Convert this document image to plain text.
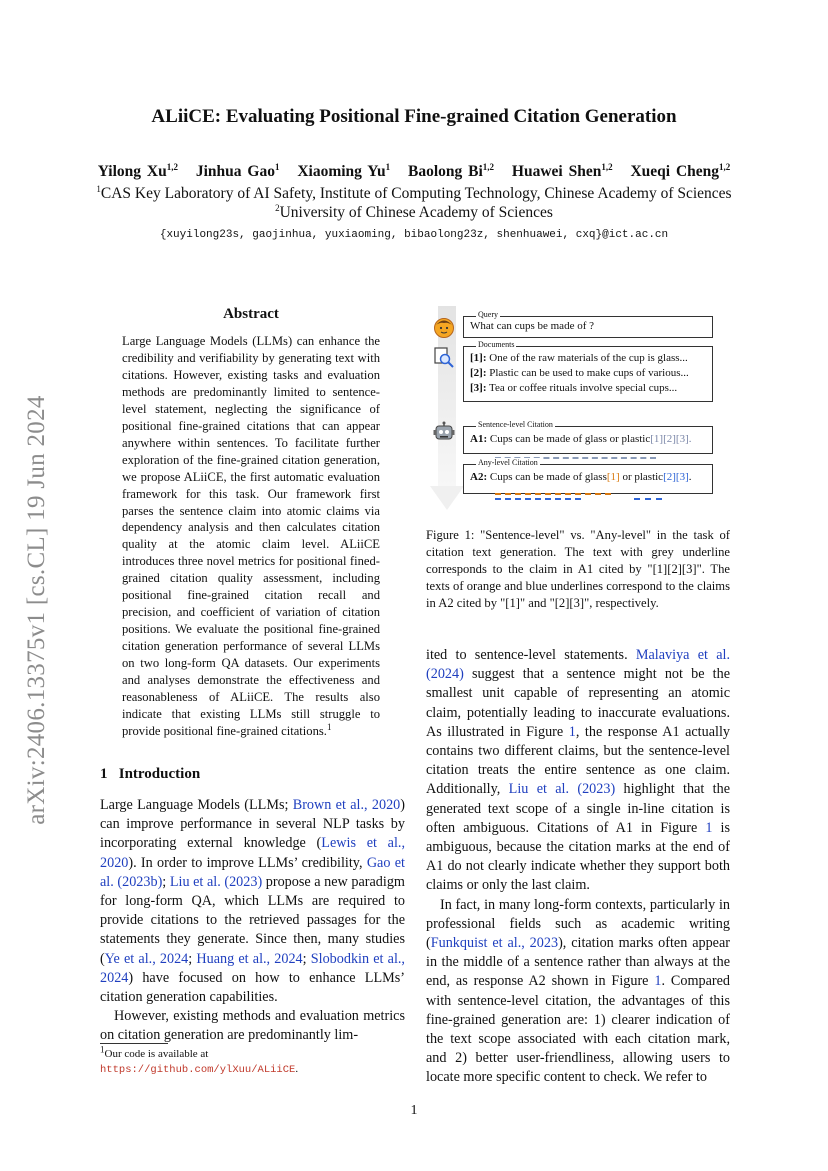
arXiv:2406.13375v1 [cs.CL] 19 Jun 2024
ALiiCE: Evaluating Positional Fine-grained Citation Generation
Yilong Xu$^{1,2}$ Jinhua Gao$^1$ Xiaoming Yu$^1$ Baolong Bi$^{1,2}$ Huawei Shen$^{1,2}$ Xueqi Cheng$^{1,2}$
$^1$CAS Key Laboratory of AI Safety, Institute of Computing Technology, Chinese Academy of Sciences
$^2$University of Chinese Academy of Sciences
{xuyilong23s, gaojinhua, yuxiaoming, bibaolong23z, shenhuawei, cxq}@ict.ac.cn
Abstract
Large Language Models (LLMs) can enhance the credibility and verifiability by generating text with citations. However, existing tasks and evaluation methods are predominantly limited to sentence-level statement, neglecting the significance of positional fine-grained citations that can appear anywhere within sentences. To facilitate further exploration of the fine-grained citation generation, we propose ALiiCE, the first automatic evaluation framework for this task. Our framework first parses the sentence claim into atomic claims via dependency analysis and then calculates citation quality at the atomic claim level. ALiiCE introduces three novel metrics for positional fined-grained citation quality assessment, including positional fine-grained citation recall and precision, and coefficient of variation of citation positions. We evaluate the positional fine-grained citation generation performance of several LLMs on two long-form QA datasets. Our experiments and analyses demonstrate the effectiveness and reasonableness of ALiiCE. The results also indicate that existing LLMs still struggle to provide positional fine-grained citations.$^1$
1 Introduction

Large Language Models (LLMs; Brown et al., 2020) can improve performance in several NLP tasks by incorporating external knowledge (Lewis et al., 2020). In order to improve LLMs’ credibility, Gao et al. (2023b); Liu et al. (2023) propose a new paradigm for long-form QA, which LLMs are required to provide citations to the retrieved passages for the statements they generate. Since then, many studies (Ye et al., 2024; Huang et al., 2024; Slobodkin et al., 2024) have focused on how to enhance LLMs’ citation generation capabilities.

However, existing methods and evaluation metrics on citation generation are predominantly lim-

$^1$Our code is available at https://github.com/ylXuu/ALiiCE.
Query
What can cups be made of ?
Documents
[1]: One of the raw materials of the cup is glass...
[2]: Plastic can be used to make cups of various...
[3]: Tea or coffee rituals involve special cups...
Sentence-level Citation
A1: Cups can be made of glass or plastic[1][2][3].
Any-level Citation
A2: Cups can be made of glass[1] or plastic[2][3].
Figure 1: "Sentence-level" vs. "Any-level" in the task of citation text generation. The text with grey underline corresponds to the claim in A1 cited by "[1][2][3]". The texts of orange and blue underlines correspond to the claims in A2 cited by "[1]" and "[2][3]", respectively.

ited to sentence-level statements. Malaviya et al. (2024) suggest that a sentence might not be the smallest unit capable of representing an atomic claim, potentially leading to inaccurate evaluations. As illustrated in Figure 1, the response A1 actually contains two different claims, but the sentence-level citation treats the entire sentence as one claim. Additionally, Liu et al. (2023) highlight that the generated text scope of a single in-line citation is often ambiguous. Citations of A1 in Figure 1 is ambiguous, because the citation marks at the end of A1 do not clearly indicate whether they support both claims or only the last claim.

In fact, in many long-form contexts, particularly in professional fields such as academic writing (Funkquist et al., 2023), citation marks often appear in the middle of a sentence rather than always at the end, as response A2 shown in Figure 1. Compared with sentence-level citation, the advantages of this fine-grained generation are: 1) clearer indication of the text scope associated with each citation mark, and 2) better user-friendliness, allowing users to locate more specific content to check. We refer to

1
